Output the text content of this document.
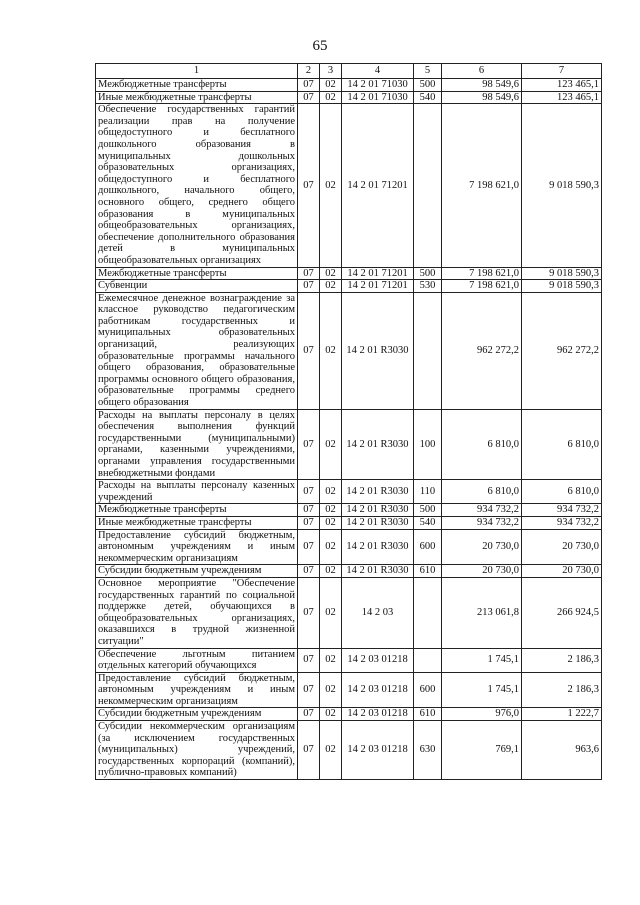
65
1	2	3	4	5	6	7
Межбюджетные трансферты	07	02	14 2 01 71030	500	98 549,6	123 465,1
Иные межбюджетные трансферты	07	02	14 2 01 71030	540	98 549,6	123 465,1
Обеспечение государственных гарантий реализации прав на получение общедоступного и бесплатного дошкольного образования в муниципальных дошкольных образовательных организациях, общедоступного и бесплатного дошкольного, начального общего, основного общего, среднего общего образования в муниципальных общеобразовательных организациях, обеспечение дополнительного образования детей в муниципальных общеобразовательных организациях	07	02	14 2 01 71201		7 198 621,0	9 018 590,3
Межбюджетные трансферты	07	02	14 2 01 71201	500	7 198 621,0	9 018 590,3
Субвенции	07	02	14 2 01 71201	530	7 198 621,0	9 018 590,3
Ежемесячное денежное вознаграждение за классное руководство педагогическим работникам государственных и муниципальных образовательных организаций, реализующих образовательные программы начального общего образования, образовательные программы основного общего образования, образовательные программы среднего общего образования	07	02	14 2 01 R3030		962 272,2	962 272,2
Расходы на выплаты персоналу в целях обеспечения выполнения функций государственными (муниципальными) органами, казенными учреждениями, органами управления государственными внебюджетными фондами	07	02	14 2 01 R3030	100	6 810,0	6 810,0
Расходы на выплаты персоналу казенных учреждений	07	02	14 2 01 R3030	110	6 810,0	6 810,0
Межбюджетные трансферты	07	02	14 2 01 R3030	500	934 732,2	934 732,2
Иные межбюджетные трансферты	07	02	14 2 01 R3030	540	934 732,2	934 732,2
Предоставление субсидий бюджетным, автономным учреждениям и иным некоммерческим организациям	07	02	14 2 01 R3030	600	20 730,0	20 730,0
Субсидии бюджетным учреждениям	07	02	14 2 01 R3030	610	20 730,0	20 730,0
Основное мероприятие "Обеспечение государственных гарантий по социальной поддержке детей, обучающихся в общеобразовательных организациях, оказавшихся в трудной жизненной ситуации"	07	02	14 2 03		213 061,8	266 924,5
Обеспечение льготным питанием отдельных категорий обучающихся	07	02	14 2 03 01218		1 745,1	2 186,3
Предоставление субсидий бюджетным, автономным учреждениям и иным некоммерческим организациям	07	02	14 2 03 01218	600	1 745,1	2 186,3
Субсидии бюджетным учреждениям	07	02	14 2 03 01218	610	976,0	1 222,7
Субсидии некоммерческим организациям (за исключением государственных (муниципальных) учреждений, государственных корпораций (компаний), публично-правовых компаний)	07	02	14 2 03 01218	630	769,1	963,6
